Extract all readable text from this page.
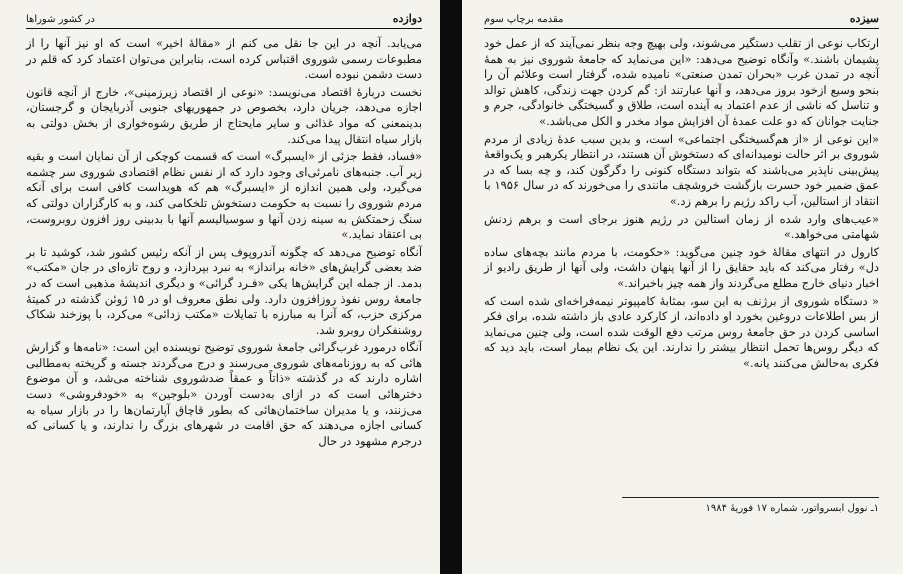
دوازده
در کشور شوراها

می‌یابد. آنچه در این جا نقل می کنم از «مقالهٔ اخیر» است که او نیز آنها را از مطبوعات رسمی شوروی اقتباس کرده است، بنابراین می‌توان اعتماد کرد که قلم در دست دشمن نبوده است.

نخست دربارهٔ اقتصاد می‌نویسد: «نوعی از اقتصاد زیرزمینی»، خارج از آنچه قانون اجازه می‌دهد، جریان دارد، بخصوص در جمهوریهای جنوبی آذربایجان و گرجستان، بدینمعنی که مواد غذائی و سایر مایحتاج از طریق رشوه‌خواری از بخش دولتی به بازار سیاه انتقال پیدا می‌کند.

«فساد، فقط جزئی از «ایسبرگ» است که قسمت کوچکی از آن نمایان است و بقیه زیر آب. جنبه‌های نامرئی‌ای وجود دارد که از نفس نظام اقتصادی شوروی سر چشمه می‌گیرد، ولی همین اندازه از «ایسبرگ» هم که هویداست کافی است برای آنکه مردم شوروی را نسبت به حکومت دستخوش تلخکامی کند، و به کارگزاران دولتی که سنگ زحمتکش به سینه زدن آنها و سوسیالیسم آنها با بدبینی روز افزون روبروست، بی اعتقاد نماید.»

آنگاه توضیح می‌دهد که چگونه آندروپوف پس از آنکه رئیس کشور شد، کوشید تا بر ضد بعضی گرایش‌های «خانه برانداز» به نبرد بپردازد، و روح تازه‌ای در جان «مکتب» بدمد. از جمله این گرایش‌ها یکی «فـرد گرائی» و دیگری اندیشهٔ مذهبی است که در جامعهٔ روس نفوذ روزافزون دارد. ولی نطق معروف او در ۱۵ ژوئن گذشته در کمیتهٔ مرکزی حزب، که آنرا به مبارزه با تمایلات «مکتب زدائی» می‌کرد، با پوزخند شکاک روشنفکران روبرو شد.

آنگاه درمورد غرب‌گرائی جامعهٔ شوروی توضیح نویسنده این است: «نامه‌ها و گزارش هائی که به روزنامه‌های شوروی می‌رسند و درج می‌گردند جسته و گریخته به‌مطالبی اشاره دارند که در گذشته «ذاتاً و عمقاً ضدشوروی شناخته می‌شد، و آن موضوع دخترهائی است که در ازای به‌دست آوردن «بلوجین» به «خودفروشی» دست می‌زنند، و یا مدیران ساختمان‌هائی که بطور قاچاق آپارتمان‌ها را در بازار سیاه به کسانی اجازه می‌دهند که حق اقامت در شهرهای بزرگ را ندارند، و یا کسانی که درجرم مشهود در حال

سیزده
مقدمه برچاپ سوم

ارتکاب نوعی از تقلب دستگیر می‌شوند، ولی بهیچ وجه بنظر نمی‌آیند که از عمل خود پشیمان باشند.» وآنگاه توضیح می‌دهد: «این می‌نماید که جامعهٔ شوروی نیز به همهٔ آنچه در تمدن غرب «بحران تمدن صنعتی» نامیده شده، گرفتار است وعلائم آن را بنحو وسیع ازخود بروز می‌دهد، و آنها عبارتند از: گم کردن جهت زندگی، کاهش توالد و تناسل که ناشی از عدم اعتماد به آینده است، طلاق و گسیختگی خانوادگی، جرم و جنایت جوانان که دو علت عمدهٔ آن افزایش مواد مخدر و الکل می‌باشد.»

«این نوعی از «از هم‌گسیختگی اجتماعی» است، و بدین سبب عدهٔ زیادی از مردم شوروی بر اثر حالت نومیدانه‌ای که دستخوش آن هستند، در انتظار یکرهبر و یک‌واقعهٔ پیش‌بینی ناپذیر می‌باشند که بتواند دستگاه کنونی را دگرگون کند، و چه بسا که در عمق ضمیر خود حسرت بازگشت خروشچف مانندی را می‌خورند که در سال ۱۹۵۶ با انتقاد از استالین، آب راکد رژیم را برهم زد.»

«عیب‌های وارد شده از زمان استالین در رژیم هنوز برجای است و برهم زدنش شهامتی می‌خواهد.»

کارول در انتهای مقالهٔ خود چنین می‌گوید: «حکومت، با مردم مانند بچه‌های ساده دل» رفتار می‌کند که باید حقایق را از آنها پنهان داشت، ولی آنها از طریق رادیو از اخبار دنیای خارج مطلع می‌گردند واز همه چیز باخبراند.»

« دستگاه شوروی از برژنف به این سو، بمثابهٔ کامپیوتر نیمه‌فراخه‌ای شده است که از بس اطلاعات دروغین بخورد او داده‌اند، از کارکرد عادی باز داشته شده، برای فکر اساسی کردن در حق جامعهٔ روس مرتب دفع الوقت شده است، ولی چنین می‌نماید که دیگر روس‌ها تحمل انتظار بیشتر را ندارند. این یک نظام بیمار است، باید دید که فکری به‌حالش می‌کنند یانه.»

۱ـ نوول ابسرواتور، شماره ۱۷ فوریهٔ ۱۹۸۴
